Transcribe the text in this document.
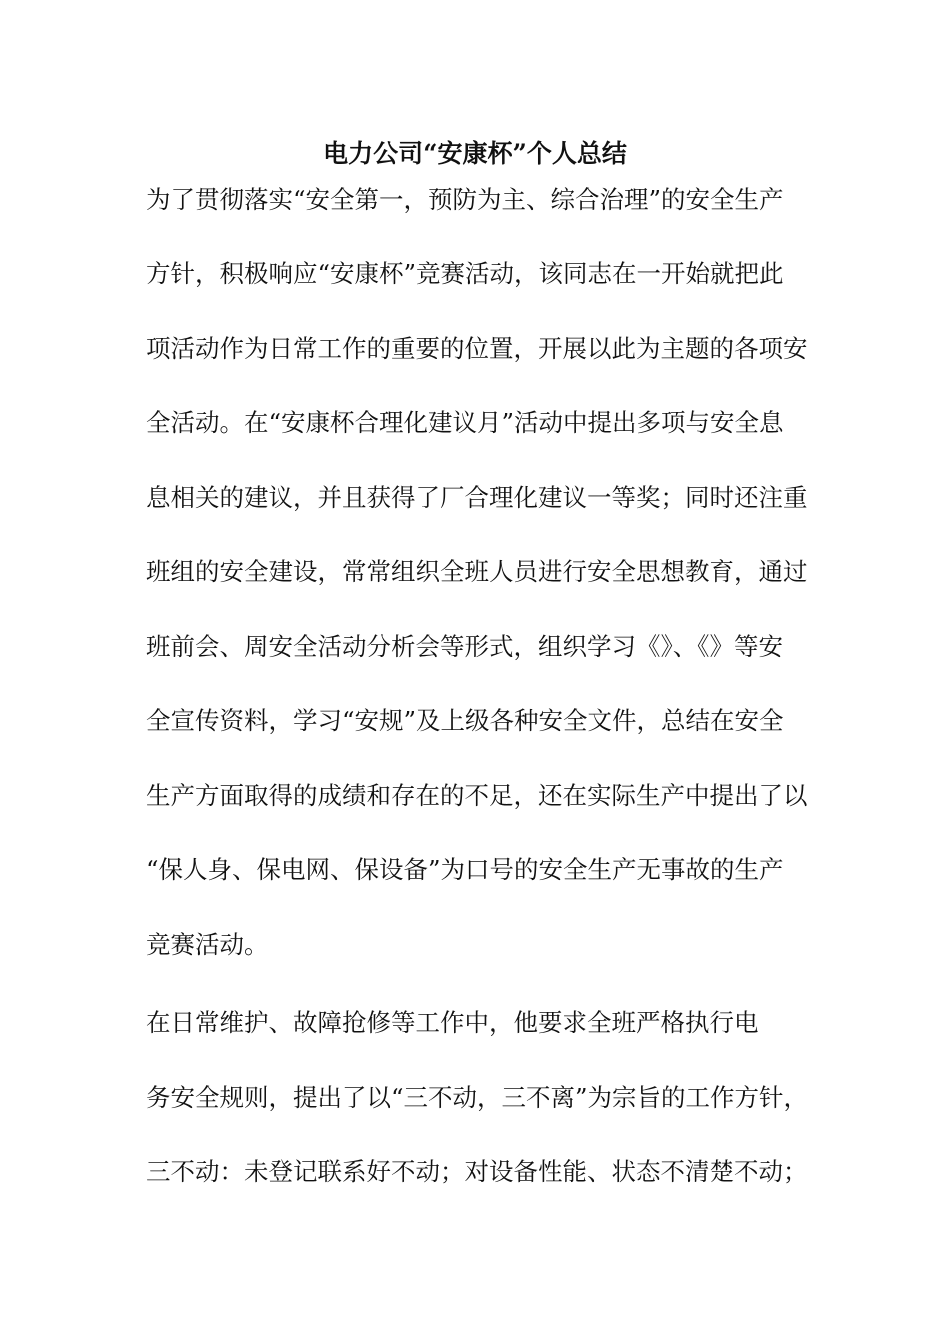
电力公司“安康杯”个人总结
为了贯彻落实“安全第一，预防为主、综合治理”的安全生产
方针，积极响应“安康杯”竞赛活动，该同志在一开始就把此
项活动作为日常工作的重要的位置，开展以此为主题的各项安
全活动。在“安康杯合理化建议月”活动中提出多项与安全息
息相关的建议，并且获得了厂合理化建议一等奖；同时还注重
班组的安全建设，常常组织全班人员进行安全思想教育，通过
班前会、周安全活动分析会等形式，组织学习《》、《》等安
全宣传资料，学习“安规”及上级各种安全文件，总结在安全
生产方面取得的成绩和存在的不足，还在实际生产中提出了以
“保人身、保电网、保设备”为口号的安全生产无事故的生产
竞赛活动。
在日常维护、故障抢修等工作中，他要求全班严格执行电
务安全规则，提出了以“三不动，三不离”为宗旨的工作方针，
三不动：未登记联系好不动；对设备性能、状态不清楚不动；
